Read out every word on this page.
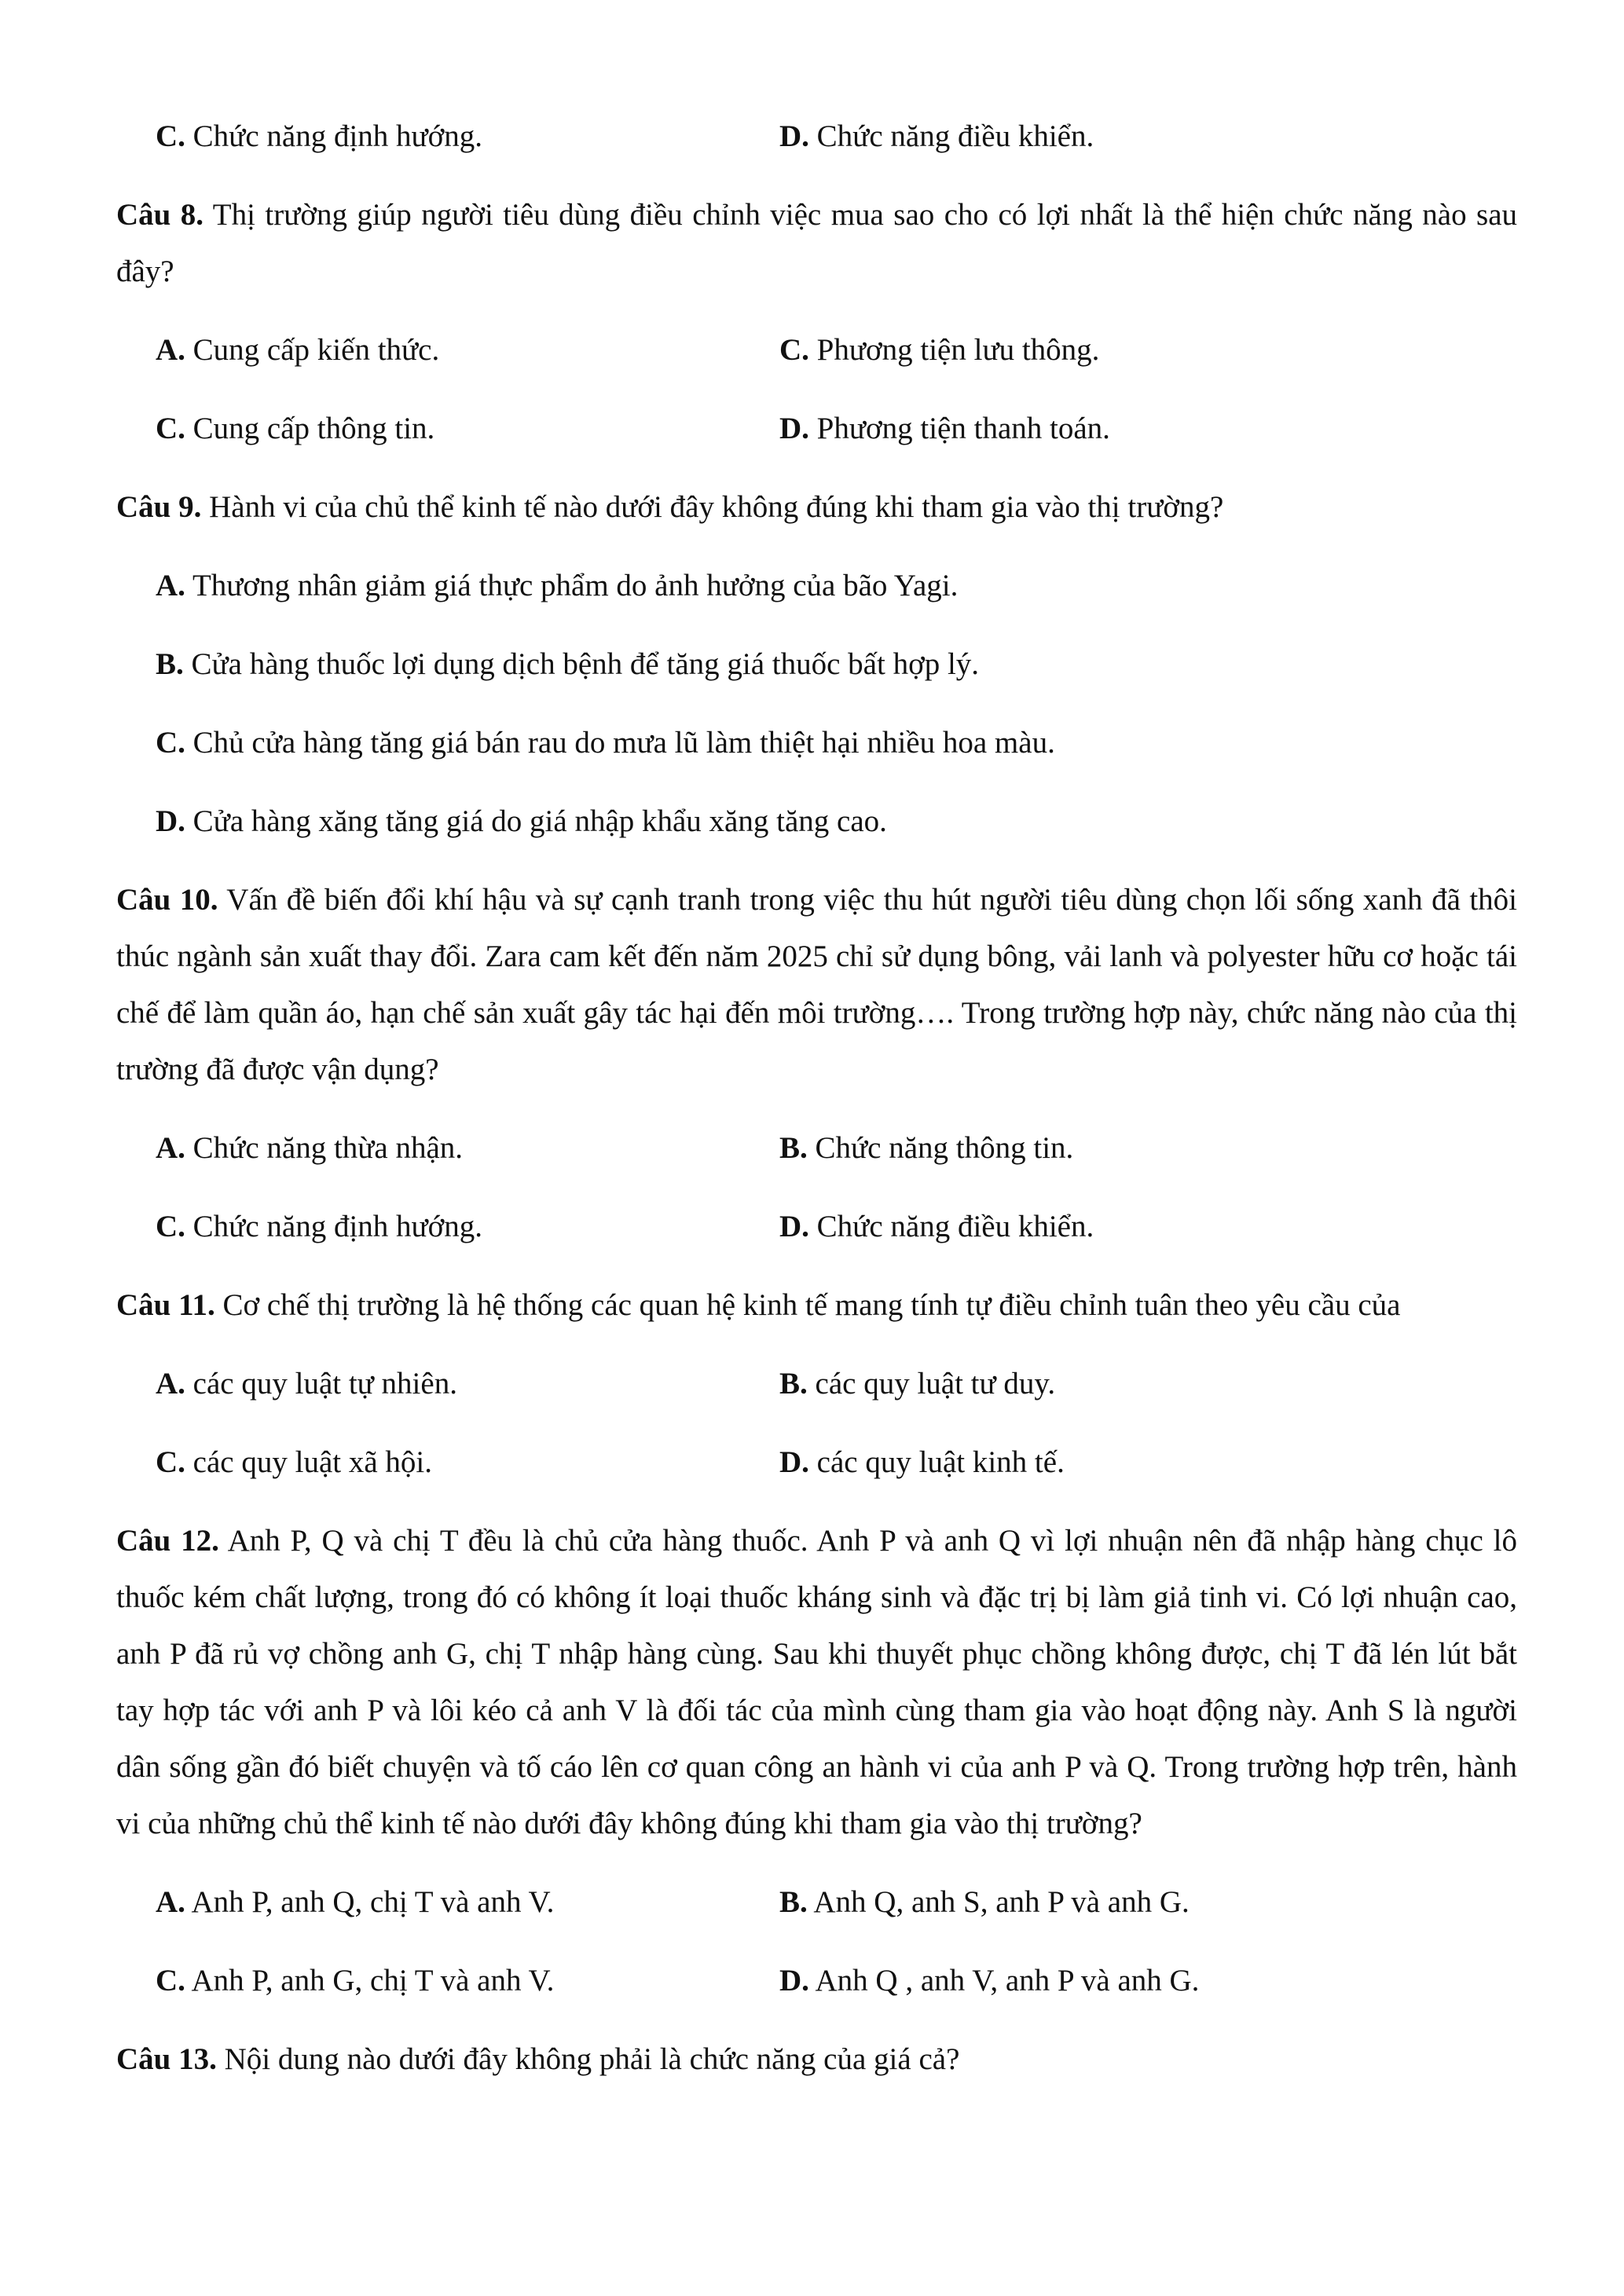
C. Chức năng định hướng.	D. Chức năng điều khiển.

Câu 8. Thị trường giúp người tiêu dùng điều chỉnh việc mua sao cho có lợi nhất là thể hiện chức năng nào sau đây?

A. Cung cấp kiến thức.	C. Phương tiện lưu thông.
C. Cung cấp thông tin.	D. Phương tiện thanh toán.

Câu 9. Hành vi của chủ thể kinh tế nào dưới đây không đúng khi tham gia vào thị trường?

A. Thương nhân giảm giá thực phẩm do ảnh hưởng của bão Yagi.
B. Cửa hàng thuốc lợi dụng dịch bệnh để tăng giá thuốc bất hợp lý.
C. Chủ cửa hàng tăng giá bán rau do mưa lũ làm thiệt hại nhiều hoa màu.
D. Cửa hàng xăng tăng giá do giá nhập khẩu xăng tăng cao.

Câu 10. Vấn đề biến đổi khí hậu và sự cạnh tranh trong việc thu hút người tiêu dùng chọn lối sống xanh đã thôi thúc ngành sản xuất thay đổi. Zara cam kết đến năm 2025 chỉ sử dụng bông, vải lanh và polyester hữu cơ hoặc tái chế để làm quần áo, hạn chế sản xuất gây tác hại đến môi trường…. Trong trường hợp này, chức năng nào của thị trường đã được vận dụng?

A. Chức năng thừa nhận.	B. Chức năng thông tin.
C. Chức năng định hướng.	D. Chức năng điều khiển.

Câu 11. Cơ chế thị trường là hệ thống các quan hệ kinh tế mang tính tự điều chỉnh tuân theo yêu cầu của

A. các quy luật tự nhiên.	B. các quy luật tư duy.
C. các quy luật xã hội.	D. các quy luật kinh tế.

Câu 12. Anh P, Q và chị T đều là chủ cửa hàng thuốc. Anh P và anh Q vì lợi nhuận nên đã nhập hàng chục lô thuốc kém chất lượng, trong đó có không ít loại thuốc kháng sinh và đặc trị bị làm giả tinh vi. Có lợi nhuận cao, anh P đã rủ vợ chồng anh G, chị T nhập hàng cùng. Sau khi thuyết phục chồng không được, chị T đã lén lút bắt tay hợp tác với anh P và lôi kéo cả anh V là đối tác của mình cùng tham gia vào hoạt động này. Anh S là người dân sống gần đó biết chuyện và tố cáo lên cơ quan công an hành vi của anh P và Q. Trong trường hợp trên, hành vi của những chủ thể kinh tế nào dưới đây không đúng khi tham gia vào thị trường?

A. Anh P, anh Q, chị T và anh V.	B. Anh Q, anh S, anh P và anh G.
C. Anh P, anh G, chị T và anh V.	D. Anh Q , anh V, anh P và anh G.

Câu 13. Nội dung nào dưới đây không phải là chức năng của giá cả?
